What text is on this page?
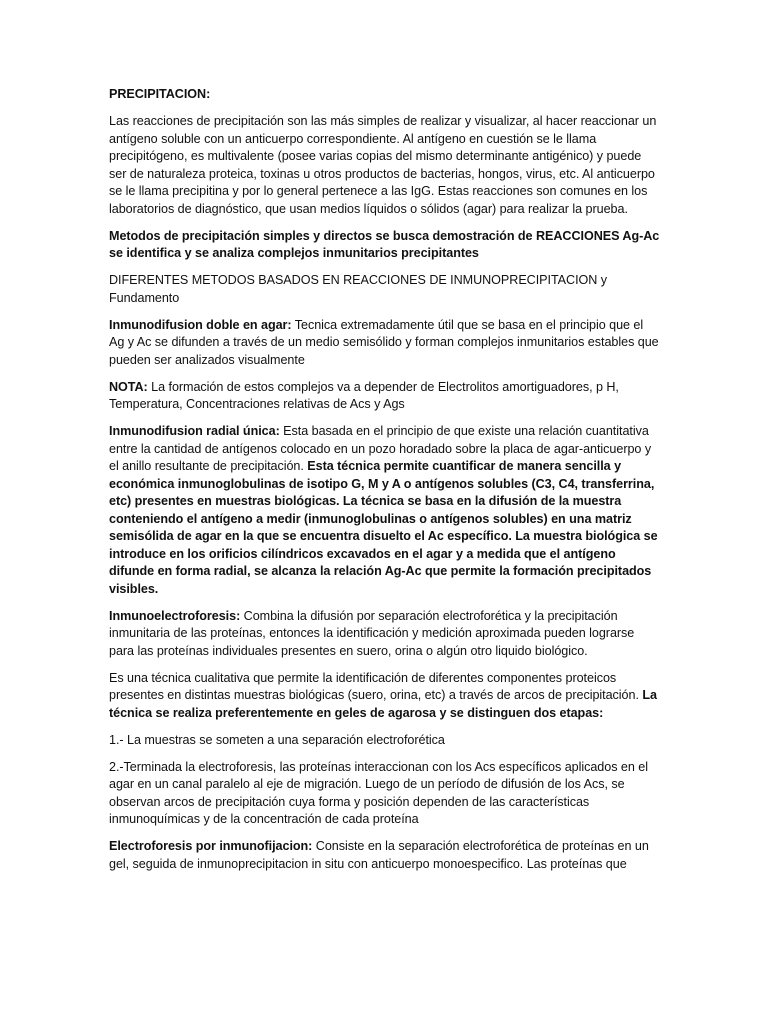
PRECIPITACION:

Las reacciones de precipitación son las más simples de realizar y visualizar, al hacer reaccionar un antígeno soluble con un anticuerpo correspondiente. Al antígeno en cuestión se le llama precipitógeno, es multivalente (posee varias copias del mismo determinante antigénico) y puede ser de naturaleza proteica, toxinas u otros productos de bacterias, hongos, virus, etc. Al anticuerpo se le llama precipitina y por lo general pertenece a las IgG. Estas reacciones son comunes en los laboratorios de diagnóstico, que usan medios líquidos o sólidos (agar) para realizar la prueba.

Metodos de precipitación simples y directos se busca demostración de REACCIONES Ag-Ac se identifica y se analiza complejos inmunitarios precipitantes

DIFERENTES METODOS BASADOS EN REACCIONES DE INMUNOPRECIPITACION y Fundamento

Inmunodifusion doble en agar: Tecnica extremadamente útil que se basa en el principio que el Ag y Ac se difunden a través de un medio semisólido y forman complejos inmunitarios estables que pueden ser analizados visualmente

NOTA: La formación de estos complejos va a depender de Electrolitos amortiguadores, p H, Temperatura, Concentraciones relativas de Acs y Ags

Inmunodifusion radial única: Esta basada en el principio de que existe una relación cuantitativa entre la cantidad de antígenos colocado en un pozo horadado sobre la placa de agar-anticuerpo y el anillo resultante de precipitación. Esta técnica permite cuantificar de manera sencilla y económica inmunoglobulinas de isotipo G, M y A o antígenos solubles (C3, C4, transferrina, etc) presentes en muestras biológicas. La técnica se basa en la difusión de la muestra conteniendo el antígeno a medir (inmunoglobulinas o antígenos solubles) en una matriz semisólida de agar en la que se encuentra disuelto el Ac específico. La muestra biológica se introduce en los orificios cilíndricos excavados en el agar y a medida que el antígeno difunde en forma radial, se alcanza la relación Ag-Ac que permite la formación precipitados visibles.

Inmunoelectroforesis: Combina la difusión por separación electroforética y la precipitación inmunitaria de las proteínas, entonces la identificación y medición aproximada pueden lograrse para las proteínas individuales presentes en suero, orina o algún otro liquido biológico.

Es una técnica cualitativa que permite la identificación de diferentes componentes proteicos presentes en distintas muestras biológicas (suero, orina, etc) a través de arcos de precipitación. La técnica se realiza preferentemente en geles de agarosa y se distinguen dos etapas:

1.- La muestras se someten a una separación electroforética

2.-Terminada la electroforesis, las proteínas interaccionan con los Acs específicos aplicados en el agar en un canal paralelo al eje de migración. Luego de un período de difusión de los Acs, se observan arcos de precipitación cuya forma y posición dependen de las características inmunoquímicas y de la concentración de cada proteína

Electroforesis por inmunofijacion: Consiste en la separación electroforética de proteínas en un gel, seguida de inmunoprecipitacion in situ con anticuerpo monoespecifico. Las proteínas que
